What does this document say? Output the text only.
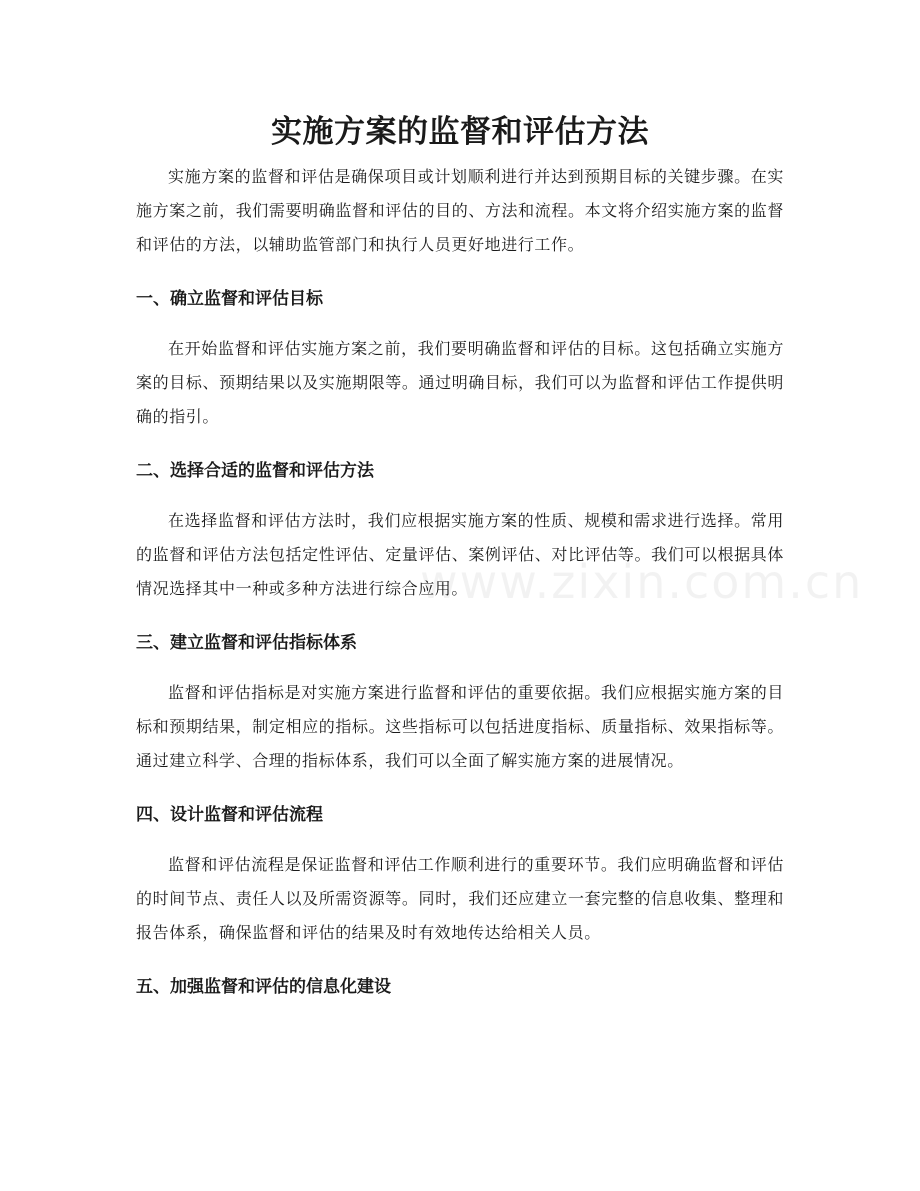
实施方案的监督和评估方法
www.zixin.com.cn

实施方案的监督和评估是确保项目或计划顺利进行并达到预期目标的关键步骤。在实施方案之前，我们需要明确监督和评估的目的、方法和流程。本文将介绍实施方案的监督和评估的方法，以辅助监管部门和执行人员更好地进行工作。

一、确立监督和评估目标

在开始监督和评估实施方案之前，我们要明确监督和评估的目标。这包括确立实施方案的目标、预期结果以及实施期限等。通过明确目标，我们可以为监督和评估工作提供明确的指引。

二、选择合适的监督和评估方法

在选择监督和评估方法时，我们应根据实施方案的性质、规模和需求进行选择。常用的监督和评估方法包括定性评估、定量评估、案例评估、对比评估等。我们可以根据具体情况选择其中一种或多种方法进行综合应用。

三、建立监督和评估指标体系

监督和评估指标是对实施方案进行监督和评估的重要依据。我们应根据实施方案的目标和预期结果，制定相应的指标。这些指标可以包括进度指标、质量指标、效果指标等。通过建立科学、合理的指标体系，我们可以全面了解实施方案的进展情况。

四、设计监督和评估流程

监督和评估流程是保证监督和评估工作顺利进行的重要环节。我们应明确监督和评估的时间节点、责任人以及所需资源等。同时，我们还应建立一套完整的信息收集、整理和报告体系，确保监督和评估的结果及时有效地传达给相关人员。

五、加强监督和评估的信息化建设
